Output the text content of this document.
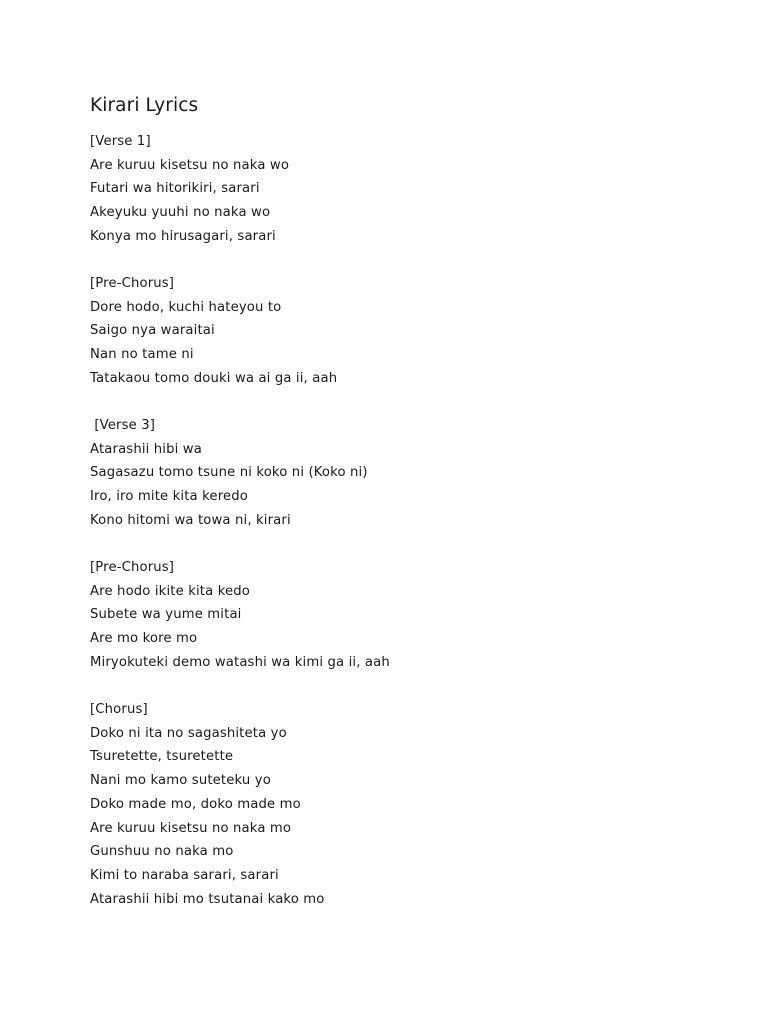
Kirari Lyrics
[Verse 1]
Are kuruu kisetsu no naka wo
Futari wa hitorikiri, sarari
Akeyuku yuuhi no naka wo
Konya mo hirusagari, sarari
[Pre-Chorus]
Dore hodo, kuchi hateyou to
Saigo nya waraitai
Nan no tame ni
Tatakaou tomo douki wa ai ga ii, aah
[Verse 3]
Atarashii hibi wa
Sagasazu tomo tsune ni koko ni (Koko ni)
Iro, iro mite kita keredo
Kono hitomi wa towa ni, kirari
[Pre-Chorus]
Are hodo ikite kita kedo
Subete wa yume mitai
Are mo kore mo
Miryokuteki demo watashi wa kimi ga ii, aah
[Chorus]
Doko ni ita no sagashiteta yo
Tsuretette, tsuretette
Nani mo kamo suteteku yo
Doko made mo, doko made mo
Are kuruu kisetsu no naka mo
Gunshuu no naka mo
Kimi to naraba sarari, sarari
Atarashii hibi mo tsutanai kako mo
